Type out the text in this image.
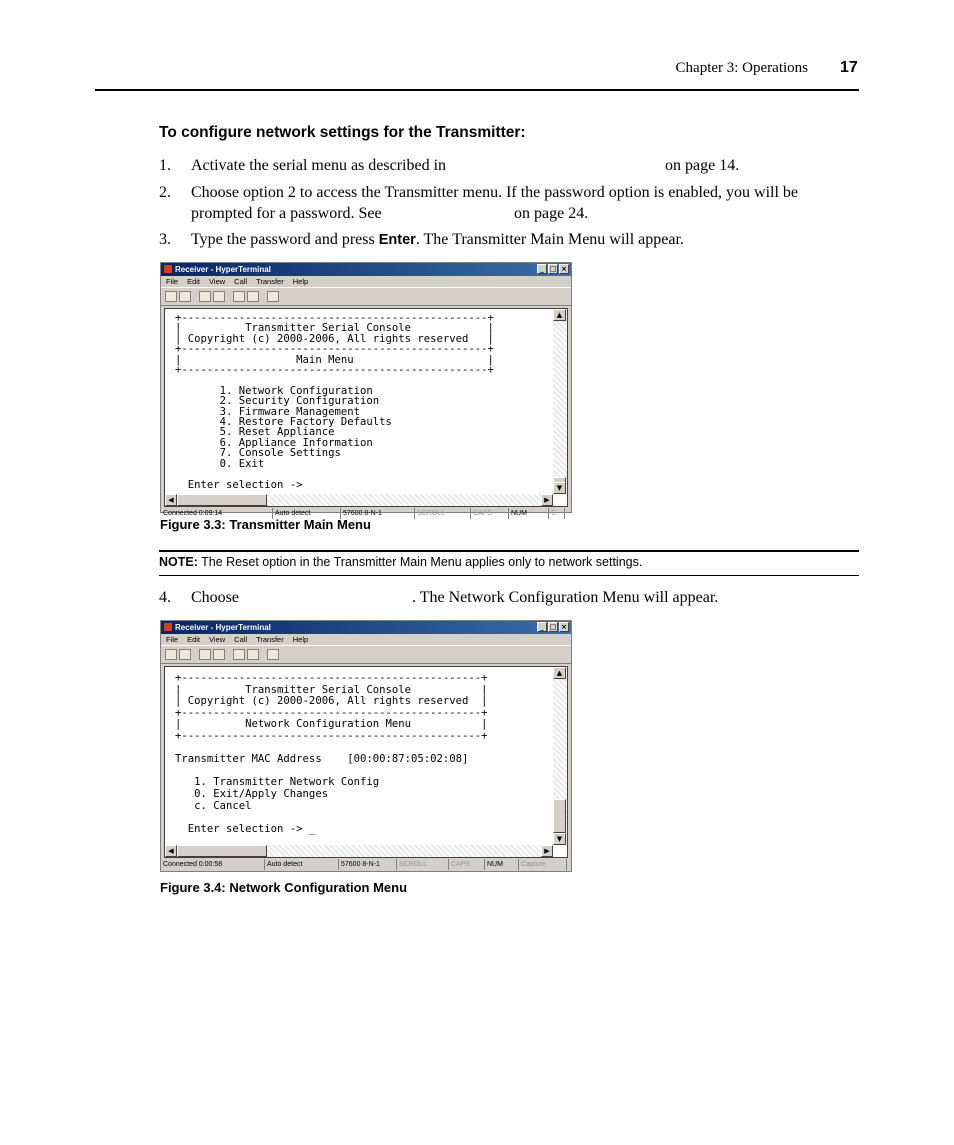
Chapter 3: Operations 17
To configure network settings for the Transmitter:
1. Activate the serial menu as described in	on page 14.
2. Choose option 2 to access the Transmitter menu. If the password option is enabled, you will be
prompted for a password. See	on page 24.
3. Type the password and press Enter. The Transmitter Main Menu will appear.
Receiver - HyperTerminal	_ □ ×
File Edit View Call Transfer Help
+------------------------------------------------+
|          Transmitter Serial Console            |
| Copyright (c) 2000-2006, All rights reserved   |
+------------------------------------------------+
|                  Main Menu                     |
+------------------------------------------------+

1. Network Configuration
2. Security Configuration
3. Firmware Management
4. Restore Factory Defaults
5. Reset Appliance
6. Appliance Information
7. Console Settings
0. Exit

Enter selection ->
▲
▼
◀	▶
Connected 0:09:14	Auto detect	57600 8-N-1	SCROLL	CAPS	NUM	C
Figure 3.3: Transmitter Main Menu
NOTE: The Reset option in the Transmitter Main Menu applies only to network settings.
4. Choose	. The Network Configuration Menu will appear.
Receiver - HyperTerminal	_ □ ×
File Edit View Call Transfer Help
+-----------------------------------------------+
|          Transmitter Serial Console           |
| Copyright (c) 2000-2006, All rights reserved  |
+-----------------------------------------------+
|          Network Configuration Menu           |
+-----------------------------------------------+

Transmitter MAC Address    [00:00:87:05:02:08]

1. Transmitter Network Config
0. Exit/Apply Changes
c. Cancel

Enter selection -> _
▲
▼
◀	▶
Connected 0:00:58	Auto detect	57600 8-N-1	SCROLL	CAPS	NUM	Capture
Figure 3.4: Network Configuration Menu
